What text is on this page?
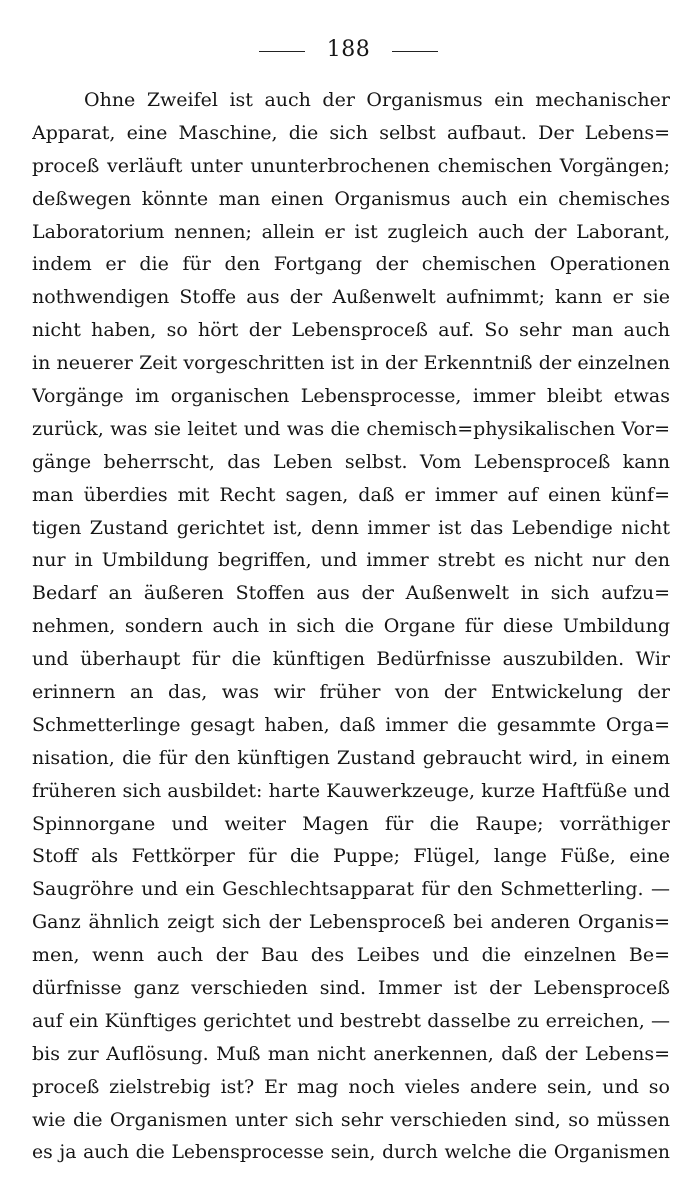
188
Ohne Zweifel ist auch der Organismus ein mechanischer
Apparat, eine Maschine, die sich selbst aufbaut. Der Lebens=
proceß verläuft unter ununterbrochenen chemischen Vorgängen;
deßwegen könnte man einen Organismus auch ein chemisches
Laboratorium nennen; allein er ist zugleich auch der Laborant,
indem er die für den Fortgang der chemischen Operationen
nothwendigen Stoffe aus der Außenwelt aufnimmt; kann er sie
nicht haben, so hört der Lebensproceß auf. So sehr man auch
in neuerer Zeit vorgeschritten ist in der Erkenntniß der einzelnen
Vorgänge im organischen Lebensprocesse, immer bleibt etwas
zurück, was sie leitet und was die chemisch=physikalischen Vor=
gänge beherrscht, das Leben selbst. Vom Lebensproceß kann
man überdies mit Recht sagen, daß er immer auf einen künf=
tigen Zustand gerichtet ist, denn immer ist das Lebendige nicht
nur in Umbildung begriffen, und immer strebt es nicht nur den
Bedarf an äußeren Stoffen aus der Außenwelt in sich aufzu=
nehmen, sondern auch in sich die Organe für diese Umbildung
und überhaupt für die künftigen Bedürfnisse auszubilden. Wir
erinnern an das, was wir früher von der Entwickelung der
Schmetterlinge gesagt haben, daß immer die gesammte Orga=
nisation, die für den künftigen Zustand gebraucht wird, in einem
früheren sich ausbildet: harte Kauwerkzeuge, kurze Haftfüße und
Spinnorgane und weiter Magen für die Raupe; vorräthiger
Stoff als Fettkörper für die Puppe; Flügel, lange Füße, eine
Saugröhre und ein Geschlechtsapparat für den Schmetterling. —
Ganz ähnlich zeigt sich der Lebensproceß bei anderen Organis=
men, wenn auch der Bau des Leibes und die einzelnen Be=
dürfnisse ganz verschieden sind. Immer ist der Lebensproceß
auf ein Künftiges gerichtet und bestrebt dasselbe zu erreichen, —
bis zur Auflösung. Muß man nicht anerkennen, daß der Lebens=
proceß zielstrebig ist? Er mag noch vieles andere sein, und so
wie die Organismen unter sich sehr verschieden sind, so müssen
es ja auch die Lebensprocesse sein, durch welche die Organismen
